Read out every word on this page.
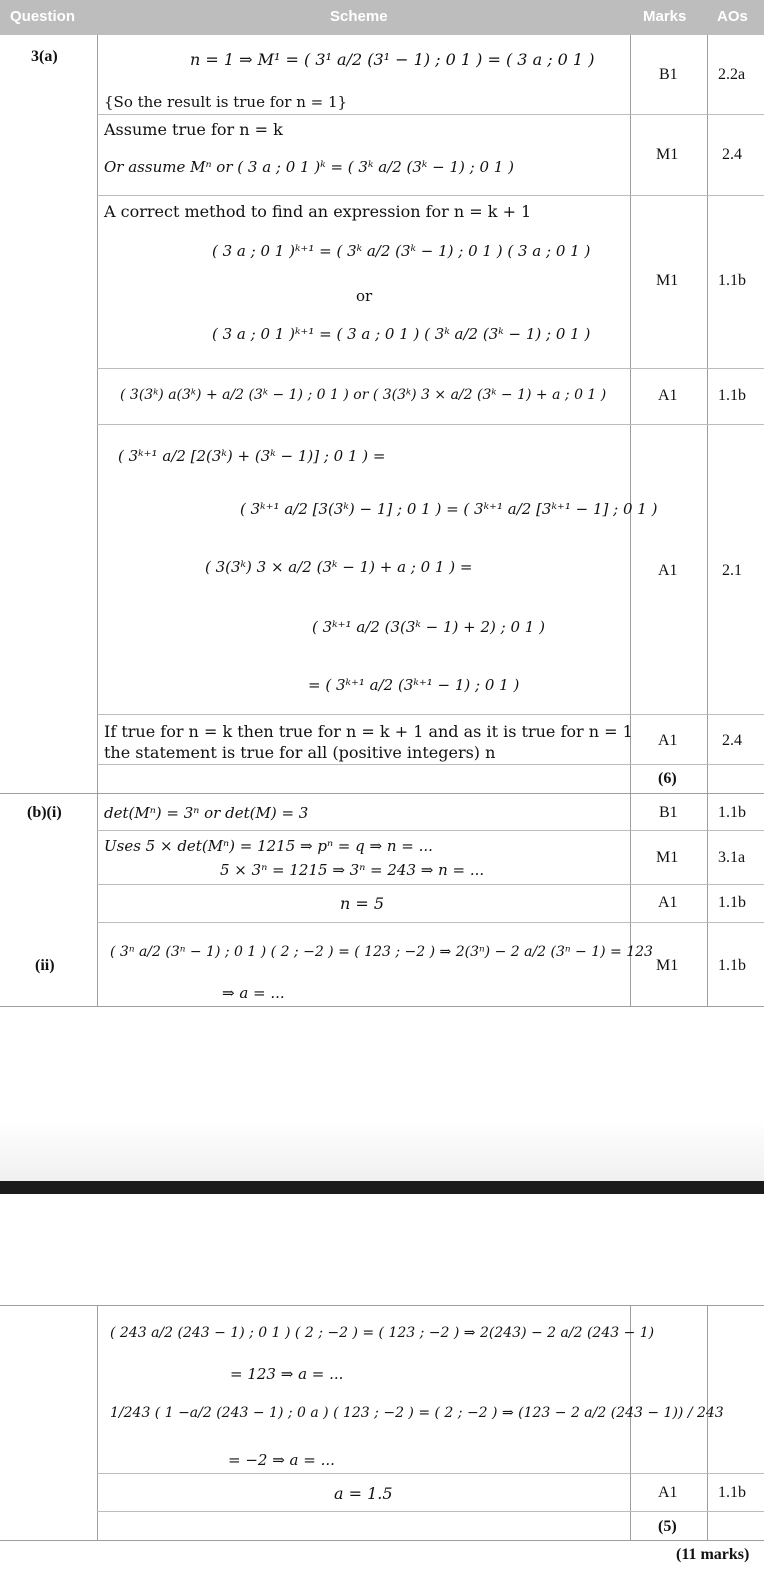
Question	Scheme	Marks AOs
3(a)	n = 1 ⇒ M¹ = ( 3¹ a/2 (3¹ − 1) ; 0 1 ) = ( 3 a ; 0 1 )
{So the result is true for n = 1}
B1	2.2a
Assume true for n = k
Or assume Mⁿ or ( 3 a ; 0 1 )ᵏ = ( 3ᵏ a/2 (3ᵏ − 1) ; 0 1 )
M1	2.4
A correct method to find an expression for n = k + 1
( 3 a ; 0 1 )ᵏ⁺¹ = ( 3ᵏ a/2 (3ᵏ − 1) ; 0 1 ) ( 3 a ; 0 1 )
or
( 3 a ; 0 1 )ᵏ⁺¹ = ( 3 a ; 0 1 ) ( 3ᵏ a/2 (3ᵏ − 1) ; 0 1 )
M1 1.1b
( 3(3ᵏ) a(3ᵏ) + a/2 (3ᵏ − 1) ; 0 1 ) or ( 3(3ᵏ) 3 × a/2 (3ᵏ − 1) + a ; 0 1 )	A1	1.1b
( 3ᵏ⁺¹ a/2 [2(3ᵏ) + (3ᵏ − 1)] ; 0 1 ) =
( 3ᵏ⁺¹ a/2 [3(3ᵏ) − 1] ; 0 1 ) = ( 3ᵏ⁺¹ a/2 [3ᵏ⁺¹ − 1] ; 0 1 )
( 3(3ᵏ) 3 × a/2 (3ᵏ − 1) + a ; 0 1 ) =
( 3ᵏ⁺¹ a/2 (3(3ᵏ − 1) + 2) ; 0 1 )
= ( 3ᵏ⁺¹ a/2 (3ᵏ⁺¹ − 1) ; 0 1 )
A1	2.1
If true for n = k then true for n = k + 1 and as it is true for n = 1
the statement is true for all (positive integers) n
A1	2.4
(6)
(b)(i)	det(Mⁿ) = 3ⁿ or det(M) = 3	B1	1.1b
Uses 5 × det(Mⁿ) = 1215 ⇒ pⁿ = q ⇒ n = ...
5 × 3ⁿ = 1215 ⇒ 3ⁿ = 243 ⇒ n = ...
M1 3.1a
n = 5	A1	1.1b
(ii)
( 3ⁿ a/2 (3ⁿ − 1) ; 0 1 ) ( 2 ; −2 ) = ( 123 ; −2 ) ⇒ 2(3ⁿ) − 2 a/2 (3ⁿ − 1) = 123
⇒ a = ...
M1 1.1b
( 243 a/2 (243 − 1) ; 0 1 ) ( 2 ; −2 ) = ( 123 ; −2 ) ⇒ 2(243) − 2 a/2 (243 − 1)
= 123 ⇒ a = ...
1/243 ( 1 −a/2 (243 − 1) ; 0 a ) ( 123 ; −2 ) = ( 2 ; −2 ) ⇒ (123 − 2 a/2 (243 − 1)) / 243
= −2 ⇒ a = ...
a = 1.5	A1	1.1b
(5)
(11 marks)
